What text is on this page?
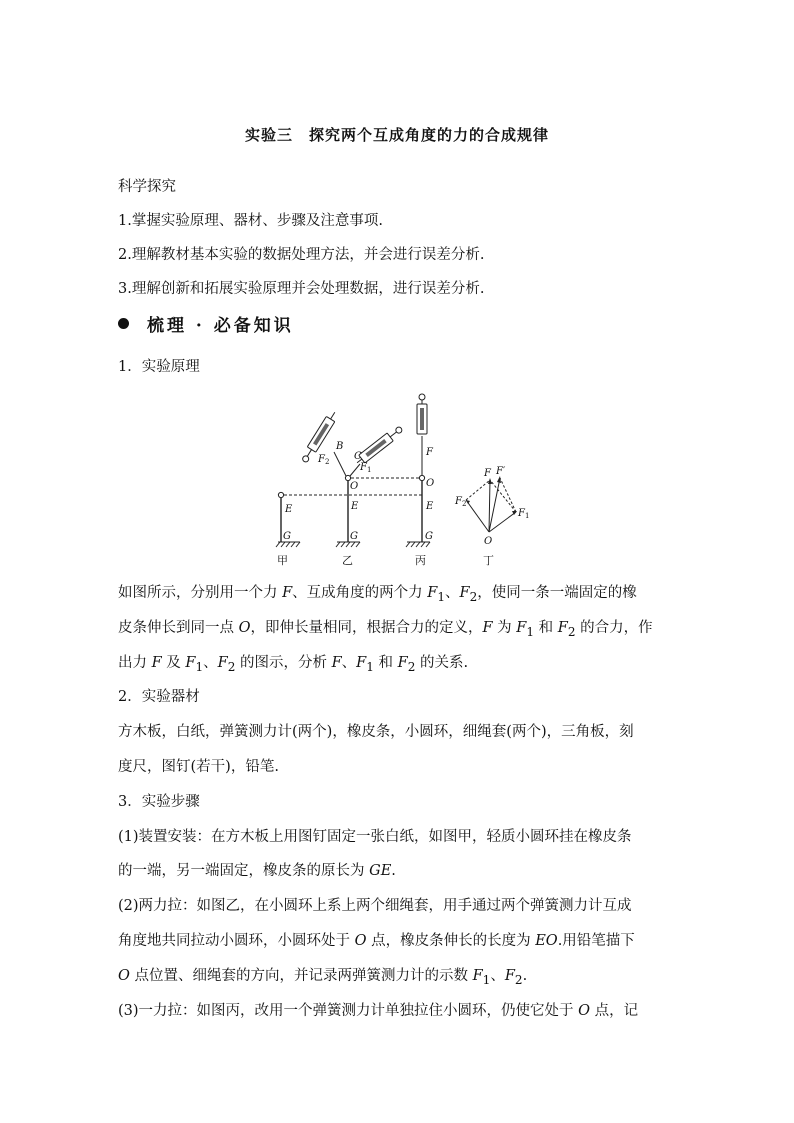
实验三　探究两个互成角度的力的合成规律
科学探究
1.掌握实验原理、器材、步骤及注意事项.
2.理解教材基本实验的数据处理方法，并会进行误差分析.
3.理解创新和拓展实验原理并会处理数据，进行误差分析.
梳理 · 必备知识
1．实验原理
E
G
B
C
$F_2$	$F_1$
O
E
G
F
O
E
G
F F′
$F_2$
$F_1$
O
甲	乙	丙	丁
如图所示，分别用一个力 F、互成角度的两个力 $F_1$、$F_2$，使同一条一端固定的橡
皮条伸长到同一点 O，即伸长量相同，根据合力的定义，F 为 $F_1$ 和 $F_2$ 的合力，作
出力 F 及 $F_1$、$F_2$ 的图示，分析 F、$F_1$ 和 $F_2$ 的关系.
2．实验器材
方木板，白纸，弹簧测力计(两个)，橡皮条，小圆环，细绳套(两个)，三角板，刻
度尺，图钉(若干)，铅笔.
3．实验步骤
(1)装置安装：在方木板上用图钉固定一张白纸，如图甲，轻质小圆环挂在橡皮条
的一端，另一端固定，橡皮条的原长为 GE.
(2)两力拉：如图乙，在小圆环上系上两个细绳套，用手通过两个弹簧测力计互成
角度地共同拉动小圆环，小圆环处于 O 点，橡皮条伸长的长度为 EO.用铅笔描下
O 点位置、细绳套的方向，并记录两弹簧测力计的示数 $F_1$、$F_2$.
(3)一力拉：如图丙，改用一个弹簧测力计单独拉住小圆环，仍使它处于 O 点，记
